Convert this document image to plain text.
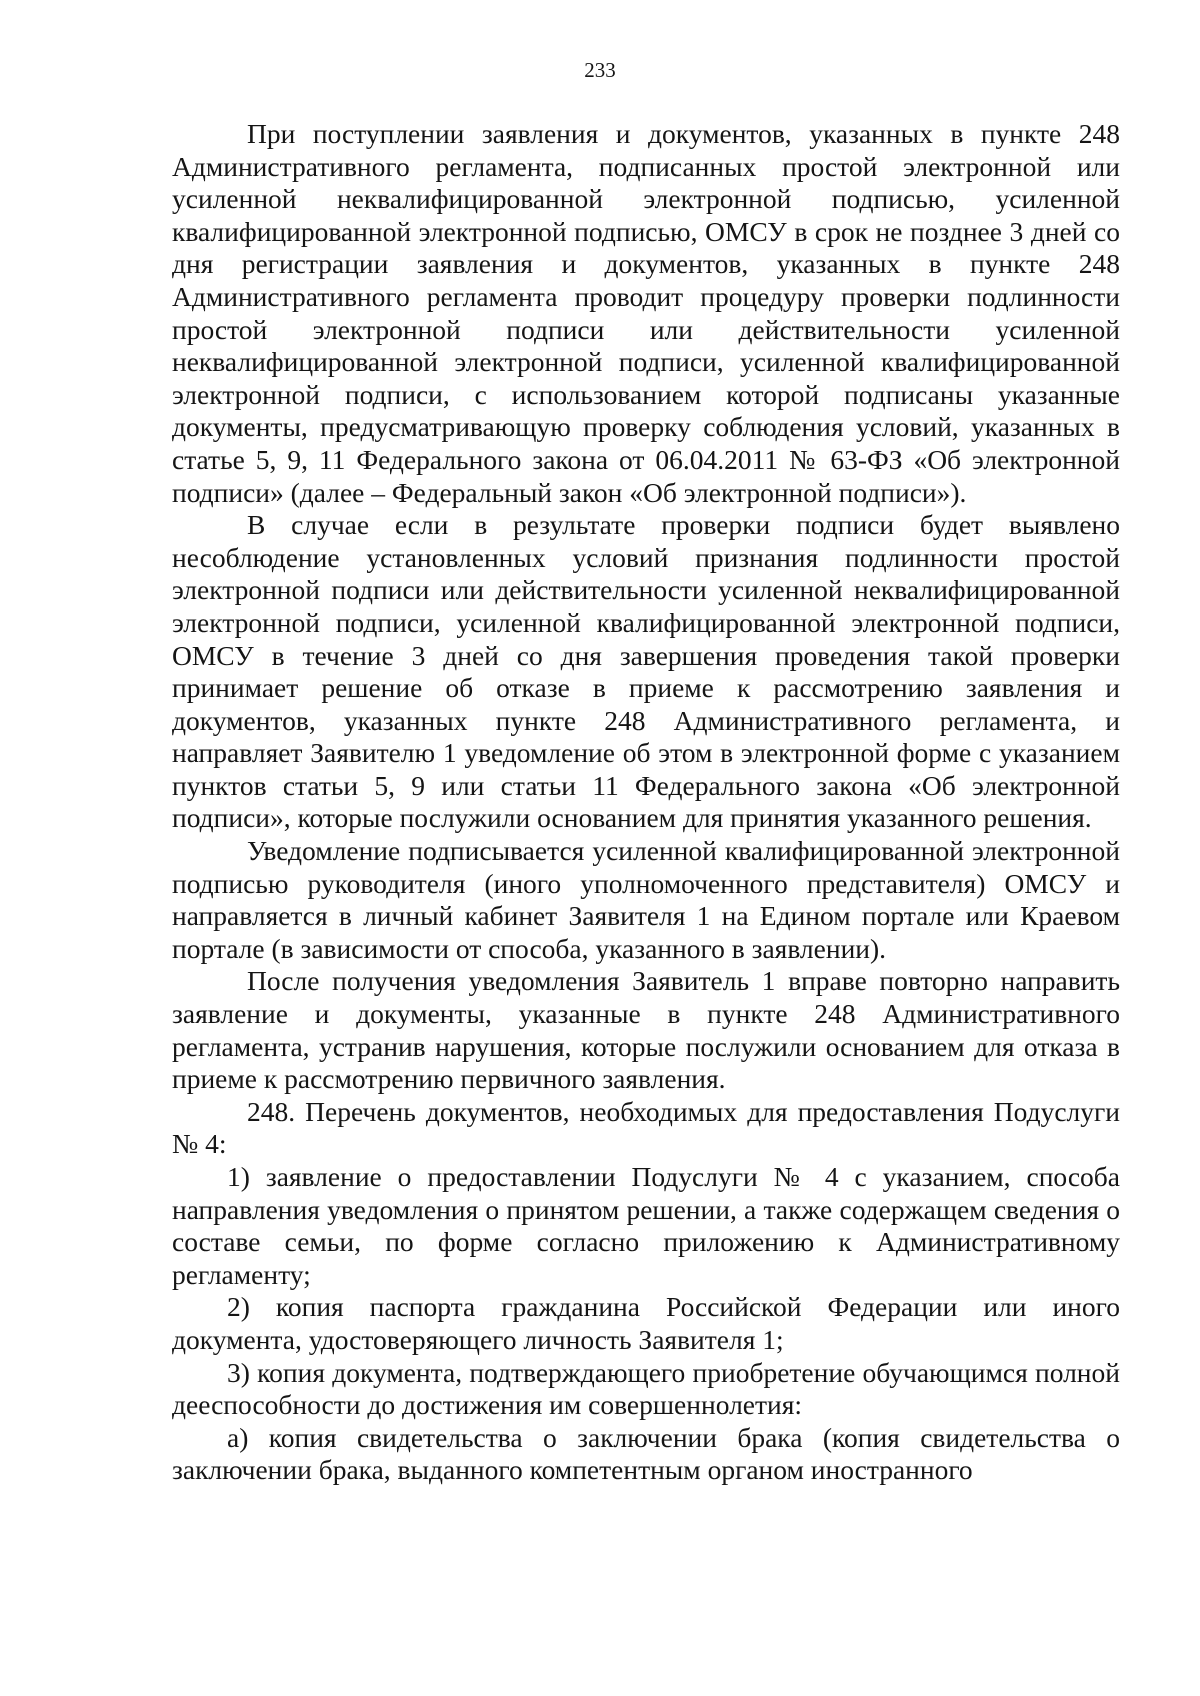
233

При поступлении заявления и документов, указанных в пункте 248 Административного регламента, подписанных простой электронной или усиленной неквалифицированной электронной подписью, усиленной квалифицированной электронной подписью, ОМСУ в срок не позднее 3 дней со дня регистрации заявления и документов, указанных в пункте 248 Административного регламента проводит процедуру проверки подлинности простой электронной подписи или действительности усиленной неквалифицированной электронной подписи, усиленной квалифицированной электронной подписи, с использованием которой подписаны указанные документы, предусматривающую проверку соблюдения условий, указанных в статье 5, 9, 11 Федерального закона от 06.04.2011 № 63-ФЗ «Об электронной подписи» (далее – Федеральный закон «Об электронной подписи»).

В случае если в результате проверки подписи будет выявлено несоблюдение установленных условий признания подлинности простой электронной подписи или действительности усиленной неквалифицированной электронной подписи, усиленной квалифицированной электронной подписи, ОМСУ в течение 3 дней со дня завершения проведения такой проверки принимает решение об отказе в приеме к рассмотрению заявления и документов, указанных пункте 248 Административного регламента, и направляет Заявителю 1 уведомление об этом в электронной форме с указанием пунктов статьи 5, 9 или статьи 11 Федерального закона «Об электронной подписи», которые послужили основанием для принятия указанного решения.

Уведомление подписывается усиленной квалифицированной электронной подписью руководителя (иного уполномоченного представителя) ОМСУ и направляется в личный кабинет Заявителя 1 на Едином портале или Краевом портале (в зависимости от способа, указанного в заявлении).

После получения уведомления Заявитель 1 вправе повторно направить заявление и документы, указанные в пункте 248 Административного регламента, устранив нарушения, которые послужили основанием для отказа в приеме к рассмотрению первичного заявления.

248. Перечень документов, необходимых для предоставления Подуслуги № 4:

1) заявление о предоставлении Подуслуги № 4 с указанием, способа направления уведомления о принятом решении, а также содержащем сведения о составе семьи, по форме согласно приложению к Административному регламенту;

2) копия паспорта гражданина Российской Федерации или иного документа, удостоверяющего личность Заявителя 1;

3) копия документа, подтверждающего приобретение обучающимся полной дееспособности до достижения им совершеннолетия:

а) копия свидетельства о заключении брака (копия свидетельства о заключении брака, выданного компетентным органом иностранного
